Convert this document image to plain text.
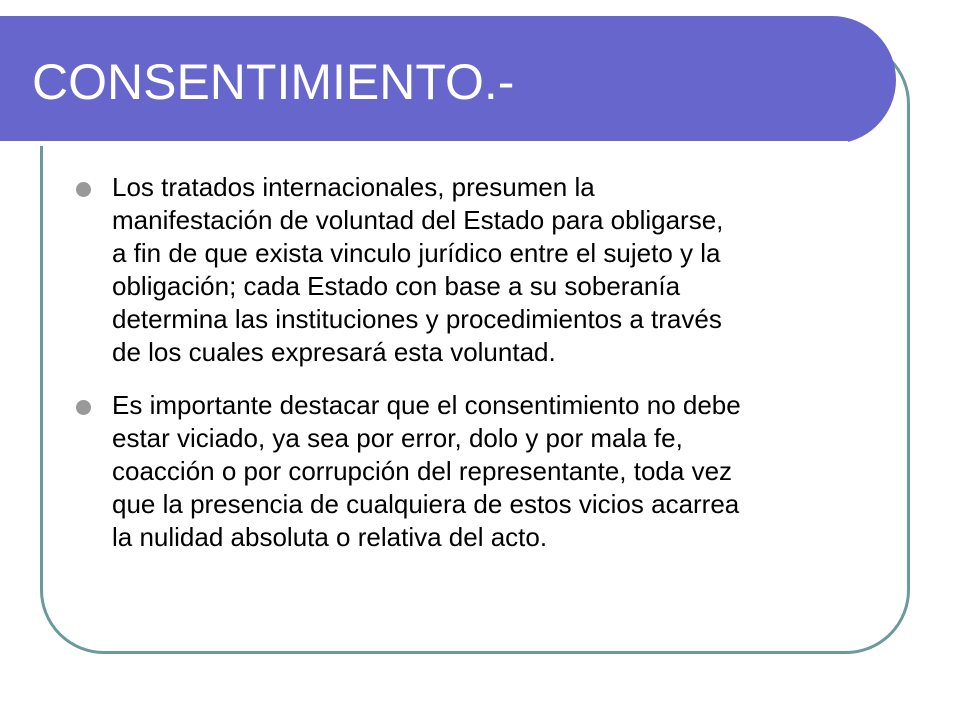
CONSENTIMIENTO.-
Los tratados internacionales, presumen la
manifestación de voluntad del Estado para obligarse,
a fin de que exista vinculo jurídico entre el sujeto y la
obligación; cada Estado con base a su soberanía
determina las instituciones y procedimientos a través
de los cuales expresará esta voluntad.
Es importante destacar que el consentimiento no debe
estar viciado, ya sea por error, dolo y por mala fe,
coacción o por corrupción del representante, toda vez
que la presencia de cualquiera de estos vicios acarrea
la nulidad absoluta o relativa del acto.
